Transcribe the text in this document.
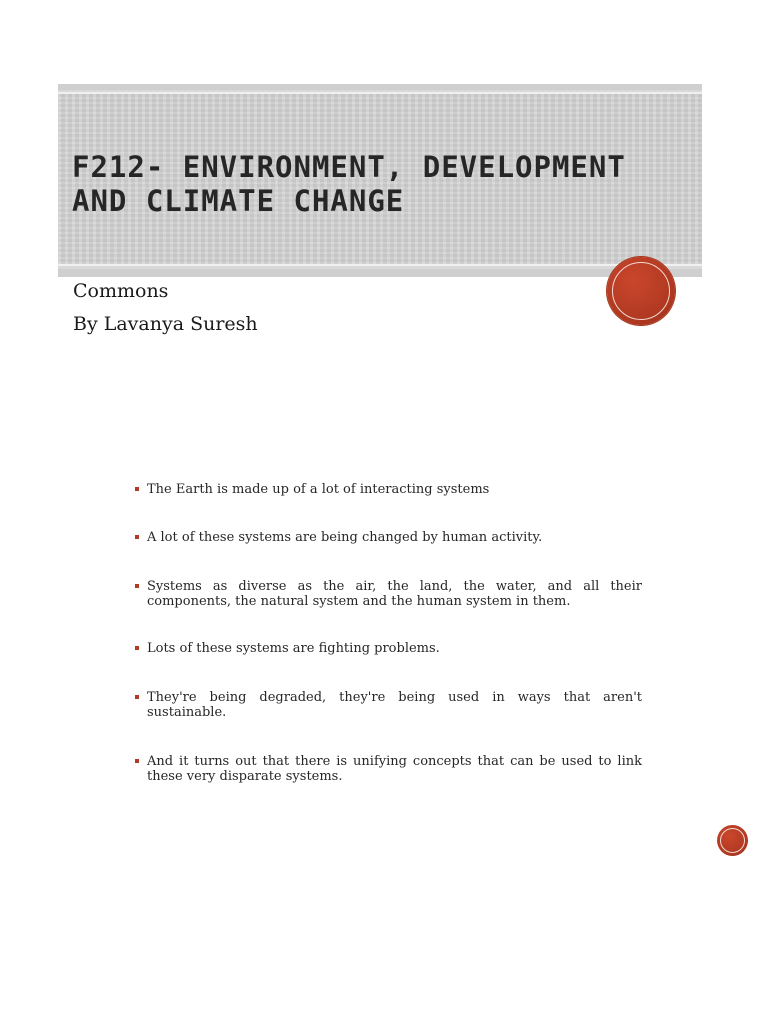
F212- ENVIRONMENT, DEVELOPMENT AND CLIMATE CHANGE

Commons

By Lavanya Suresh

The Earth is made up of a lot of interacting systems
A lot of these systems are being changed by human activity.
Systems as diverse as the air, the land, the water, and all their components, the natural system and the human system in them.
Lots of these systems are fighting problems.
They're being degraded, they're being used in ways that aren't sustainable.
And it turns out that there is unifying concepts that can be used to link these very disparate systems.
